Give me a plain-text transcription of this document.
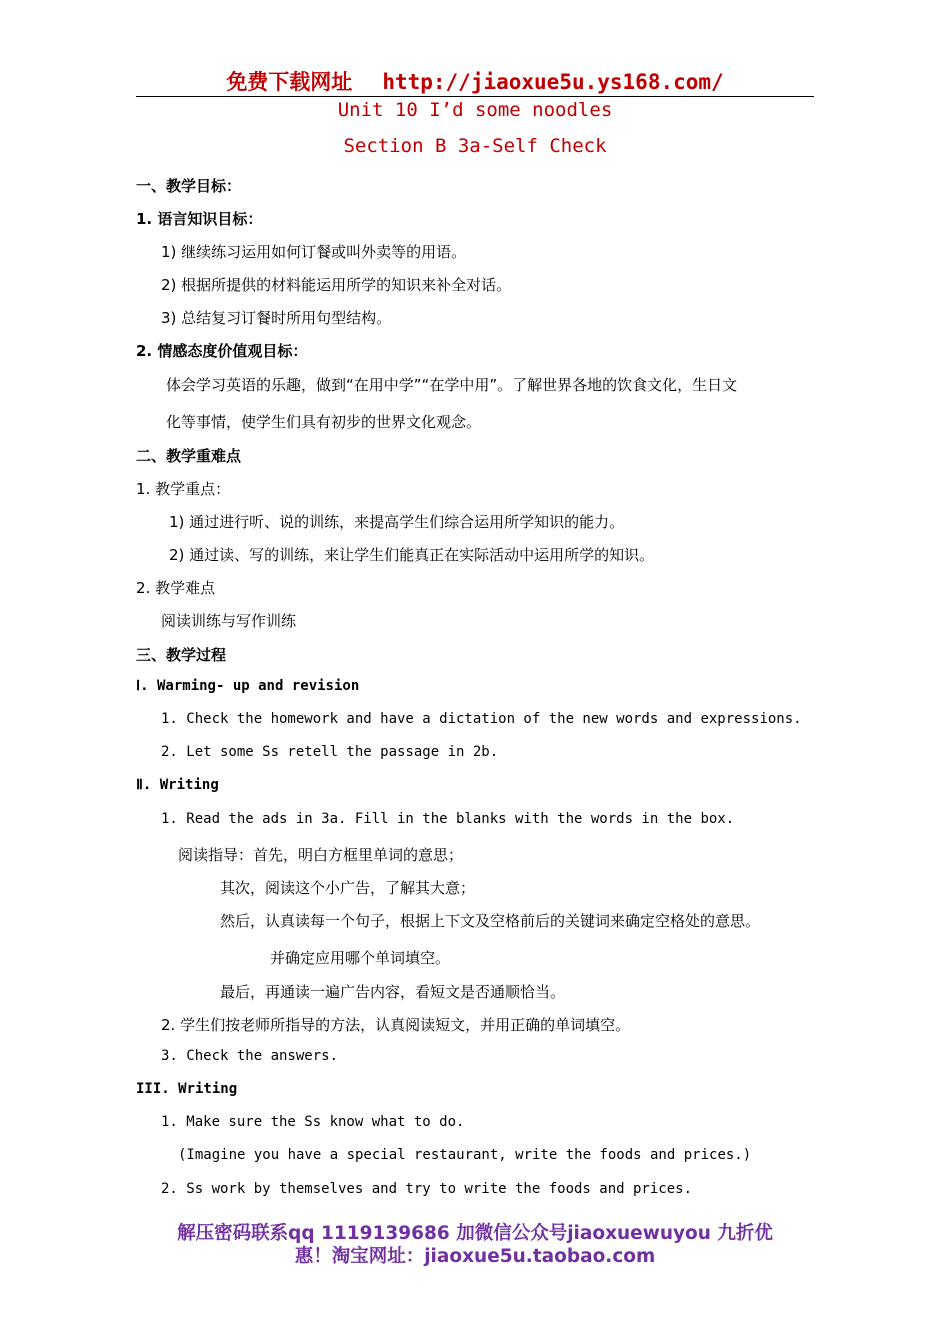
免费下载网址 http://jiaoxue5u.ys168.com/
Unit 10 I’d some noodles
Section B 3a-Self Check
一、教学目标：
1. 语言知识目标：
1) 继续练习运用如何订餐或叫外卖等的用语。
2) 根据所提供的材料能运用所学的知识来补全对话。
3) 总结复习订餐时所用句型结构。
2. 情感态度价值观目标：
体会学习英语的乐趣，做到“在用中学”“在学中用”。了解世界各地的饮食文化，生日文
化等事情，使学生们具有初步的世界文化观念。
二、教学重难点
1. 教学重点：
1) 通过进行听、说的训练，来提高学生们综合运用所学知识的能力。
2) 通过读、写的训练，来让学生们能真正在实际活动中运用所学的知识。
2. 教学难点
阅读训练与写作训练
三、教学过程
Ⅰ. Warming- up and revision
1. Check the homework and have a dictation of the new words and expressions.
2. Let some Ss retell the passage in 2b.
Ⅱ. Writing
1. Read the ads in 3a. Fill in the blanks with the words in the box.
阅读指导：首先，明白方框里单词的意思；
其次，阅读这个小广告，了解其大意；
然后，认真读每一个句子，根据上下文及空格前后的关键词来确定空格处的意思。
并确定应用哪个单词填空。
最后，再通读一遍广告内容，看短文是否通顺恰当。
2. 学生们按老师所指导的方法，认真阅读短文，并用正确的单词填空。
3. Check the answers.
III. Writing
1. Make sure the Ss know what to do.
(Imagine you have a special restaurant, write the foods and prices.)
2. Ss work by themselves and try to write the foods and prices.
解压密码联系qq 1119139686 加微信公众号jiaoxuewuyou 九折优
惠！淘宝网址：jiaoxue5u.taobao.com
